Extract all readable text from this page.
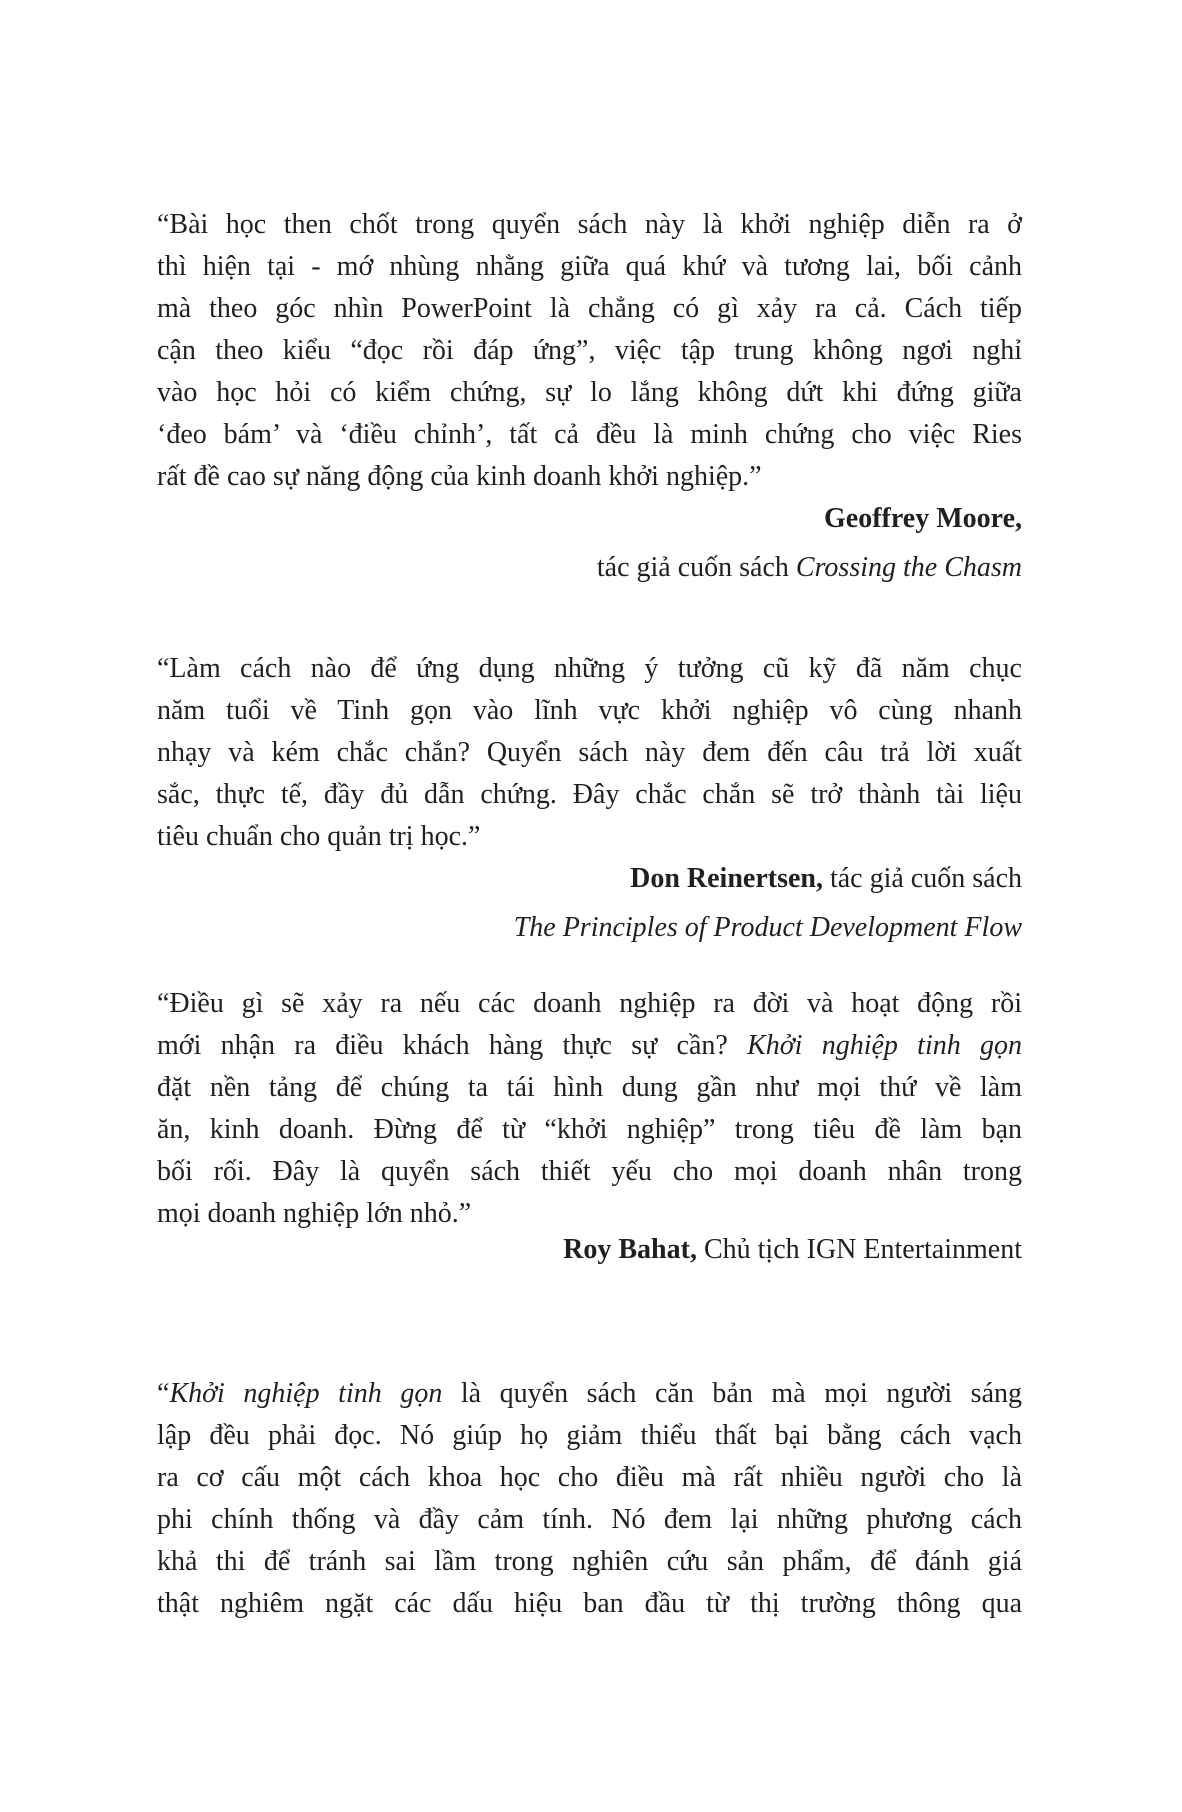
“Bài học then chốt trong quyển sách này là khởi nghiệp diễn ra ở
thì hiện tại - mớ nhùng nhằng giữa quá khứ và tương lai, bối cảnh
mà theo góc nhìn PowerPoint là chẳng có gì xảy ra cả. Cách tiếp
cận theo kiểu “đọc rồi đáp ứng”, việc tập trung không ngơi nghỉ
vào học hỏi có kiểm chứng, sự lo lắng không dứt khi đứng giữa
‘đeo bám’ và ‘điều chỉnh’, tất cả đều là minh chứng cho việc Ries
rất đề cao sự năng động của kinh doanh khởi nghiệp.”
Geoffrey Moore,
tác giả cuốn sách Crossing the Chasm
“Làm cách nào để ứng dụng những ý tưởng cũ kỹ đã năm chục
năm tuổi về Tinh gọn vào lĩnh vực khởi nghiệp vô cùng nhanh
nhạy và kém chắc chắn? Quyển sách này đem đến câu trả lời xuất
sắc, thực tế, đầy đủ dẫn chứng. Đây chắc chắn sẽ trở thành tài liệu
tiêu chuẩn cho quản trị học.”
Don Reinertsen, tác giả cuốn sách
The Principles of Product Development Flow
“Điều gì sẽ xảy ra nếu các doanh nghiệp ra đời và hoạt động rồi
mới nhận ra điều khách hàng thực sự cần? Khởi nghiệp tinh gọn
đặt nền tảng để chúng ta tái hình dung gần như mọi thứ về làm
ăn, kinh doanh. Đừng để từ “khởi nghiệp” trong tiêu đề làm bạn
bối rối. Đây là quyển sách thiết yếu cho mọi doanh nhân trong
mọi doanh nghiệp lớn nhỏ.”
Roy Bahat, Chủ tịch IGN Entertainment
“Khởi nghiệp tinh gọn là quyển sách căn bản mà mọi người sáng
lập đều phải đọc. Nó giúp họ giảm thiểu thất bại bằng cách vạch
ra cơ cấu một cách khoa học cho điều mà rất nhiều người cho là
phi chính thống và đầy cảm tính. Nó đem lại những phương cách
khả thi để tránh sai lầm trong nghiên cứu sản phẩm, để đánh giá
thật nghiêm ngặt các dấu hiệu ban đầu từ thị trường thông qua
